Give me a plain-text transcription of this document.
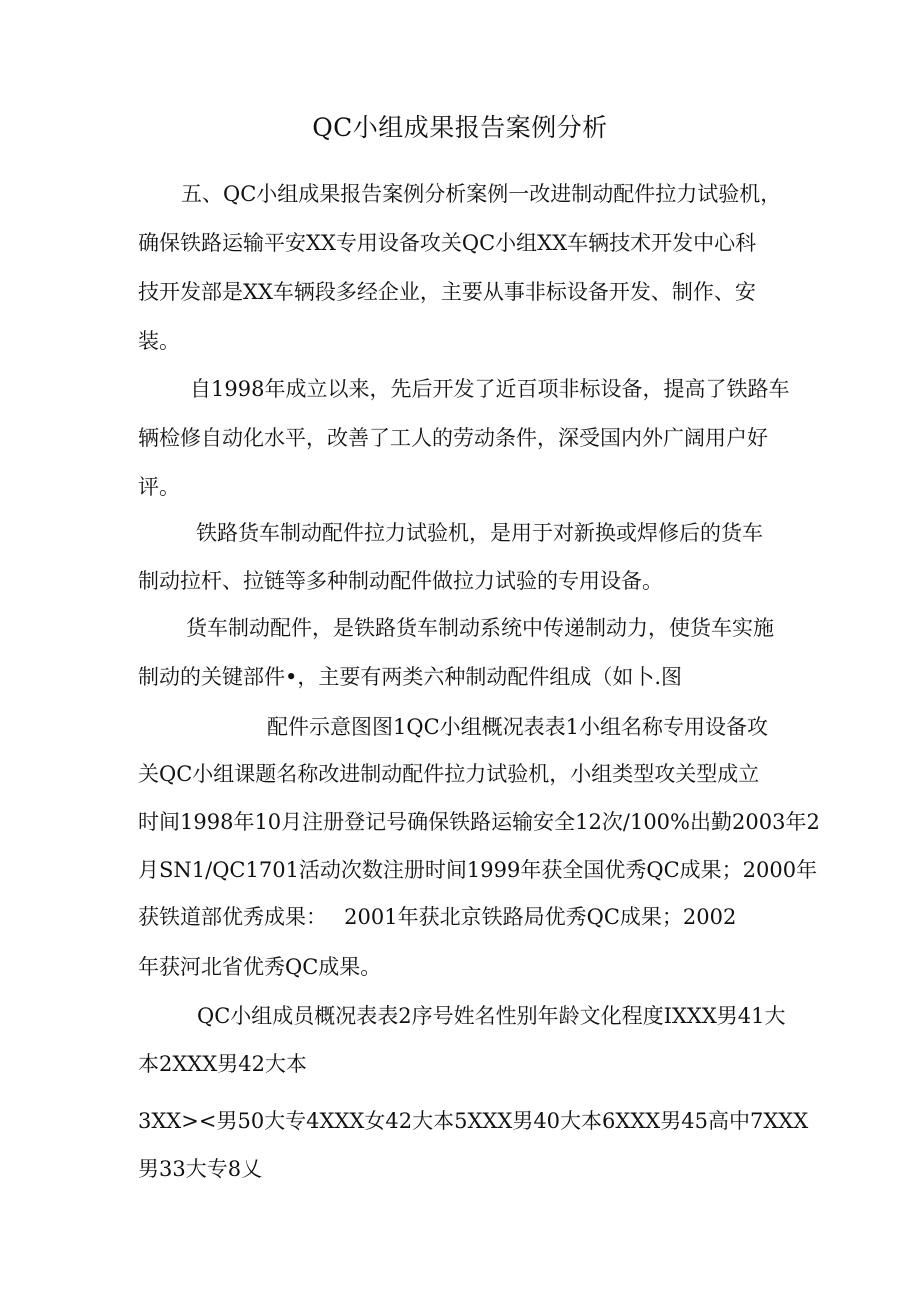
QC小组成果报告案例分析

五、QC小组成果报告案例分析案例一改进制动配件拉力试验机，

确保铁路运输平安XX专用设备攻关QC小组XX车辆技术开发中心科

技开发部是XX车辆段多经企业，主要从事非标设备开发、制作、安

装。

自1998年成立以来，先后开发了近百项非标设备，提高了铁路车

辆检修自动化水平，改善了工人的劳动条件，深受国内外广阔用户好

评。

铁路货车制动配件拉力试验机，是用于对新换或焊修后的货车

制动拉杆、拉链等多种制动配件做拉力试验的专用设备。

货车制动配件，是铁路货车制动系统中传递制动力，使货车实施

制动的关键部件•，主要有两类六种制动配件组成（如卜.图

配件示意图图1QC小组概况表表1小组名称专用设备攻

关QC小组课题名称改进制动配件拉力试验机，小组类型攻关型成立

时间1998年10月注册登记号确保铁路运输安全12次/100%出勤2003年2

月SN1/QC1701活动次数注册时间1999年获全国优秀QC成果；2000年

获铁道部优秀成果：　 2001年获北京铁路局优秀QC成果；2002

年获河北省优秀QC成果。

QC小组成员概况表表2序号姓名性别年龄文化程度IXXX男41大

本2XXX男42大本

3XX><男50大专4XXX女42大本5XXX男40大本6XXX男45高中7XXX

男33大专8乂
